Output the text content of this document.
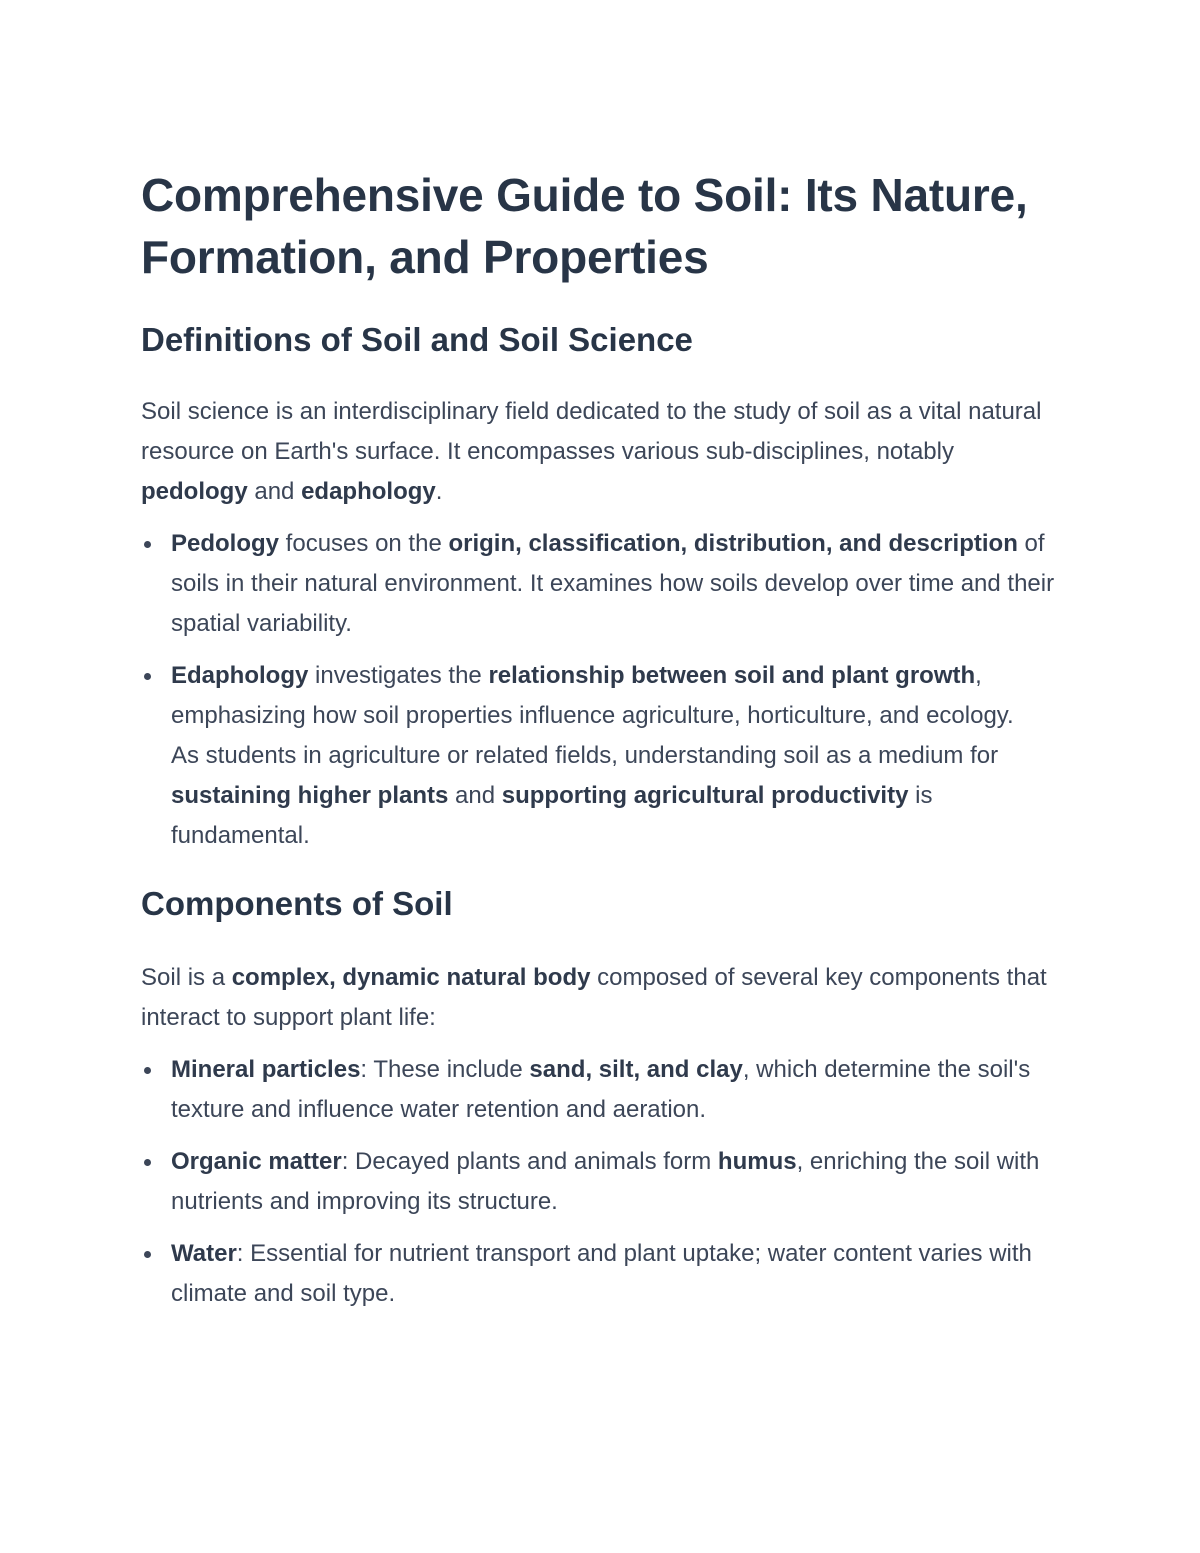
Comprehensive Guide to Soil: Its Nature, Formation, and Properties
Definitions of Soil and Soil Science

Soil science is an interdisciplinary field dedicated to the study of soil as a vital natural resource on Earth's surface. It encompasses various sub-disciplines, notably pedology and edaphology.

Pedology focuses on the origin, classification, distribution, and description of soils in their natural environment. It examines how soils develop over time and their spatial variability.
Edaphology investigates the relationship between soil and plant growth, emphasizing how soil properties influence agriculture, horticulture, and ecology.
As students in agriculture or related fields, understanding soil as a medium for sustaining higher plants and supporting agricultural productivity is fundamental.
Components of Soil

Soil is a complex, dynamic natural body composed of several key components that interact to support plant life:

Mineral particles: These include sand, silt, and clay, which determine the soil's texture and influence water retention and aeration.
Organic matter: Decayed plants and animals form humus, enriching the soil with nutrients and improving its structure.
Water: Essential for nutrient transport and plant uptake; water content varies with climate and soil type.
